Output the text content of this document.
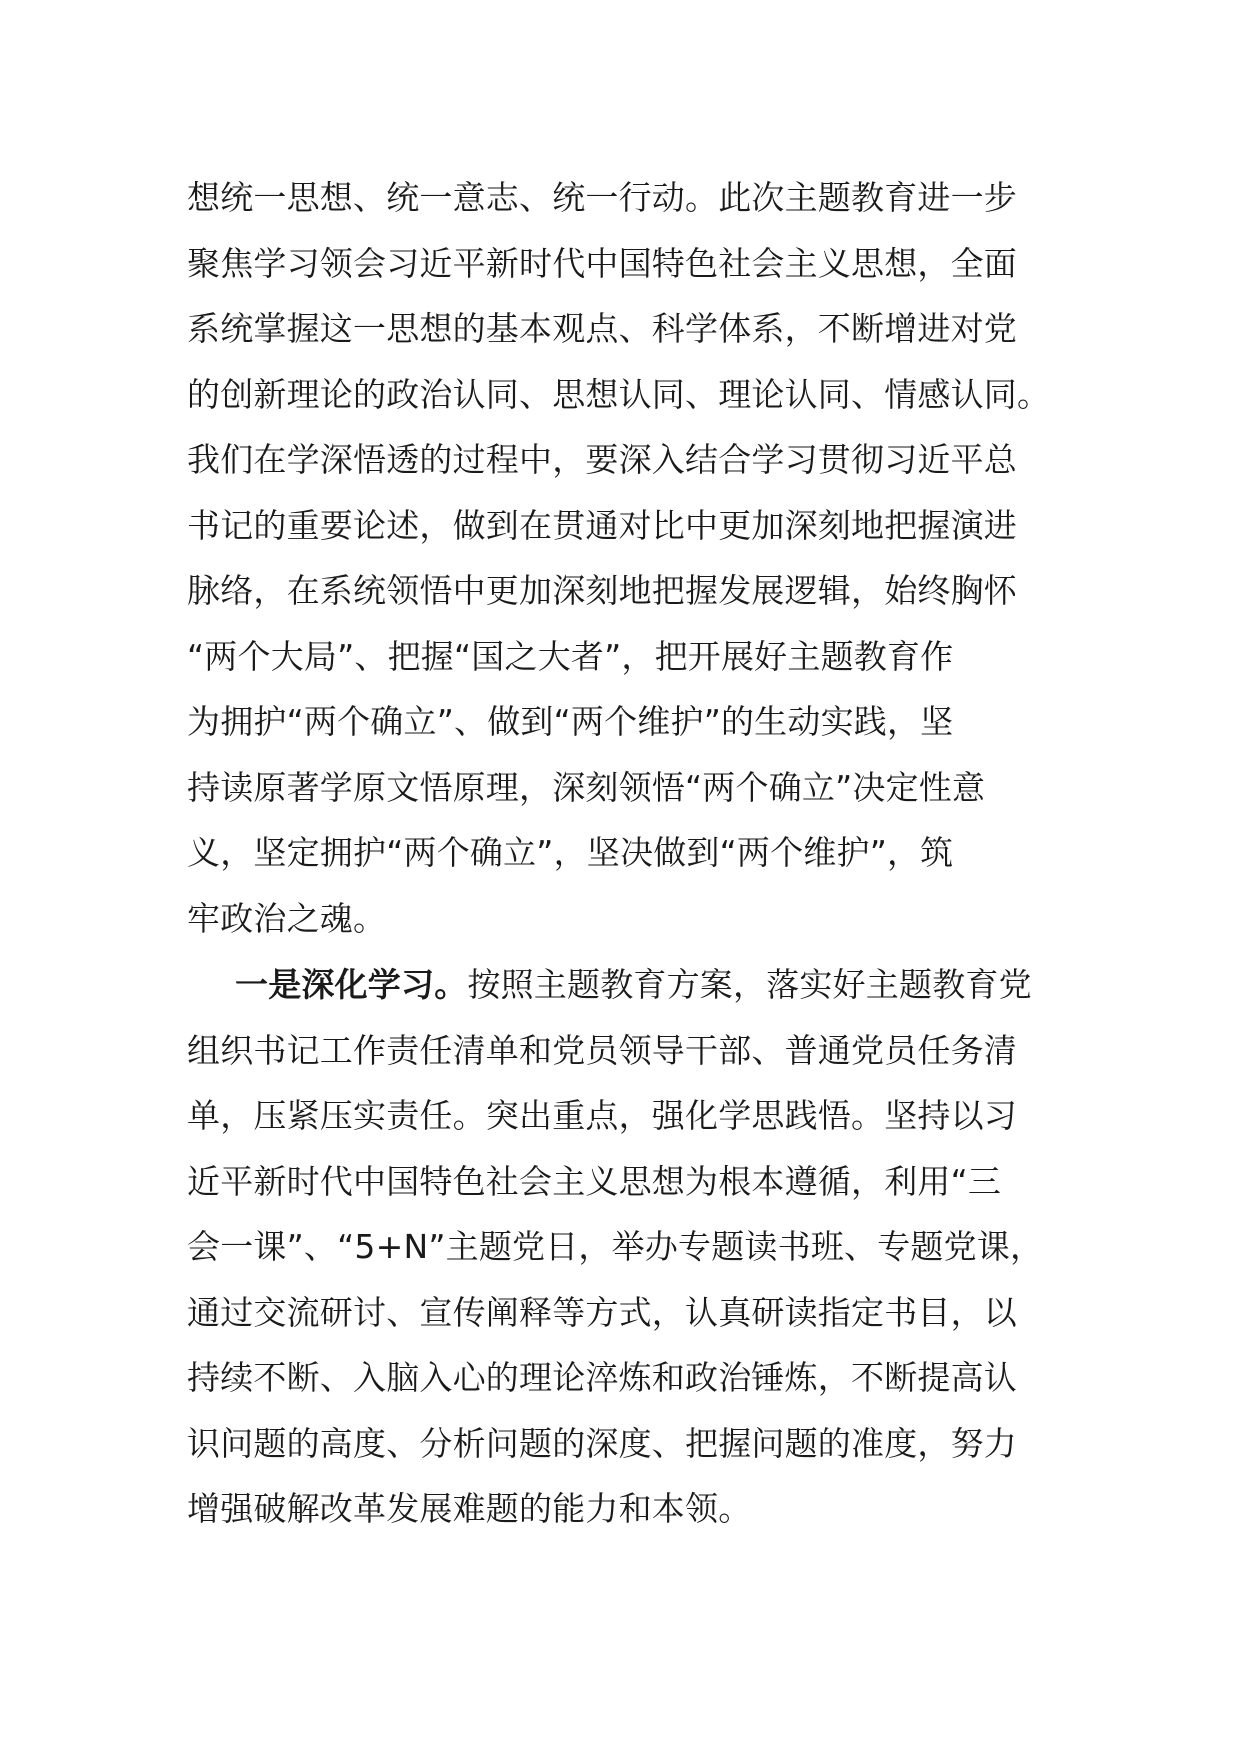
想统一思想、统一意志、统一行动。此次主题教育进一步
聚焦学习领会习近平新时代中国特色社会主义思想，全面
系统掌握这一思想的基本观点、科学体系，不断增进对党
的创新理论的政治认同、思想认同、理论认同、情感认同。
我们在学深悟透的过程中，要深入结合学习贯彻习近平总
书记的重要论述，做到在贯通对比中更加深刻地把握演进
脉络，在系统领悟中更加深刻地把握发展逻辑，始终胸怀
“两个大局”、把握“国之大者”，把开展好主题教育作
为拥护“两个确立”、做到“两个维护”的生动实践，坚
持读原著学原文悟原理，深刻领悟“两个确立”决定性意
义，坚定拥护“两个确立”，坚决做到“两个维护”，筑
牢政治之魂。
一是深化学习。按照主题教育方案，落实好主题教育党
组织书记工作责任清单和党员领导干部、普通党员任务清
单，压紧压实责任。突出重点，强化学思践悟。坚持以习
近平新时代中国特色社会主义思想为根本遵循，利用“三
会一课”、“5+N”主题党日，举办专题读书班、专题党课，
通过交流研讨、宣传阐释等方式，认真研读指定书目，以
持续不断、入脑入心的理论淬炼和政治锤炼，不断提高认
识问题的高度、分析问题的深度、把握问题的准度，努力
增强破解改革发展难题的能力和本领。
